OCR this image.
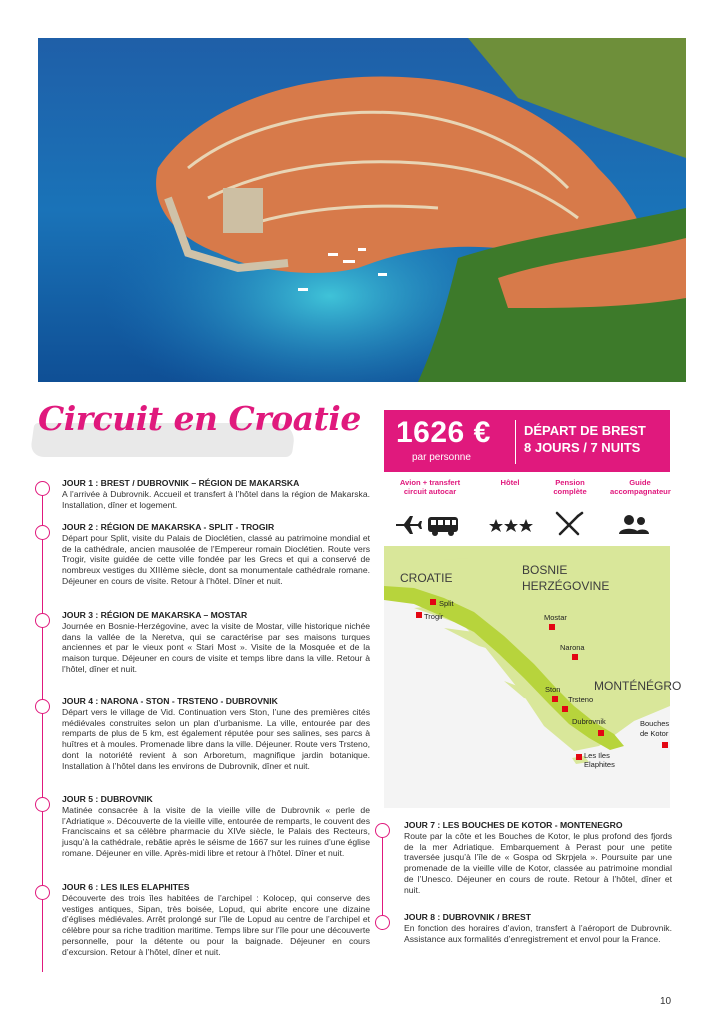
Circuit en Croatie
JOUR 1 : BREST / DUBROVNIK – RÉGION DE MAKARSKA
A l’arrivée à Dubrovnik. Accueil et transfert à l’hôtel dans la région de Makarska. Installation, dîner et logement.
JOUR 2 : RÉGION DE MAKARSKA - SPLIT - TROGIR
Départ pour Split, visite du Palais de Dioclétien, classé au patrimoine mondial et de la cathédrale, ancien mausolée de l’Empereur romain Dioclétien. Route vers Trogir, visite guidée de cette ville fondée par les Grecs et qui a conservé de nombreux vestiges du XIIIème siècle, dont sa monumentale cathédrale romane. Déjeuner en cours de visite. Retour à l’hôtel. Dîner et nuit.
JOUR 3 : RÉGION DE MAKARSKA – MOSTAR
Journée en Bosnie-Herzégovine, avec la visite de Mostar, ville historique nichée dans la vallée de la Neretva, qui se caractérise par ses maisons turques anciennes et par le vieux pont « Stari Most ». Visite de la Mosquée et de la maison turque. Déjeuner en cours de visite et temps libre dans la ville. Retour à l’hôtel, dîner et nuit.
JOUR 4 : NARONA - STON - TRSTENO - DUBROVNIK
Départ vers le village de Vid. Continuation vers Ston, l’une des premières cités médiévales construites selon un plan d’urbanisme. La ville, entourée par des remparts de plus de 5 km, est également réputée pour ses salines, ses parcs à huîtres et à moules. Promenade libre dans la ville. Déjeuner. Route vers Trsteno, dont la notoriété revient à son Arboretum, magnifique jardin botanique. Installation à l’hôtel dans les environs de Dubrovnik, dîner et nuit.
JOUR 5 : DUBROVNIK
Matinée consacrée à la visite de la vieille ville de Dubrovnik « perle de l’Adriatique ». Découverte de la vieille ville, entourée de remparts, le couvent des Franciscains et sa célèbre pharmacie du XIVe siècle, le Palais des Recteurs, jusqu’à la cathédrale, rebâtie après le séisme de 1667 sur les ruines d’une église romane. Déjeuner en ville. Après-midi libre et retour à l’hôtel. Dîner et nuit.
JOUR 6 : LES ILES ELAPHITES
Découverte des trois îles habitées de l’archipel : Kolocep, qui conserve des vestiges antiques, Sipan, très boisée, Lopud, qui abrite encore une dizaine d’églises médiévales. Arrêt prolongé sur l’île de Lopud au centre de l’archipel et célèbre pour sa riche tradition maritime. Temps libre sur l’île pour une découverte personnelle, pour la détente ou pour la baignade. Déjeuner en cours d’excursion. Retour à l’hôtel, dîner et nuit.
1626 €
par personne
DÉPART DE BREST
8 JOURS / 7 NUITS
Avion + transfert circuit autocar
Hôtel	Pension complète
Guide accompagnateur
CROATIE
BOSNIE
HERZÉGOVINE
MONTÉNÉGRO
Split
Trogir	Mostar
Narona
Ston
Trsteno
Dubrovnik	Bouches
de Kotor
Les Iles
Elaphites
JOUR 7 : LES BOUCHES DE KOTOR - MONTENEGRO
Route par la côte et les Bouches de Kotor, le plus profond des fjords de la mer Adriatique. Embarquement à Perast pour une petite traversée jusqu’à l’île de « Gospa od Skrpjela ». Poursuite par une promenade de la vieille ville de Kotor, classée au patrimoine mondial de l’Unesco. Déjeuner en cours de route. Retour à l’hôtel, dîner et nuit.
JOUR 8 : DUBROVNIK / BREST
En fonction des horaires d’avion, transfert à l’aéroport de Dubrovnik. Assistance aux formalités d’enregistrement et envol pour la France.
10
